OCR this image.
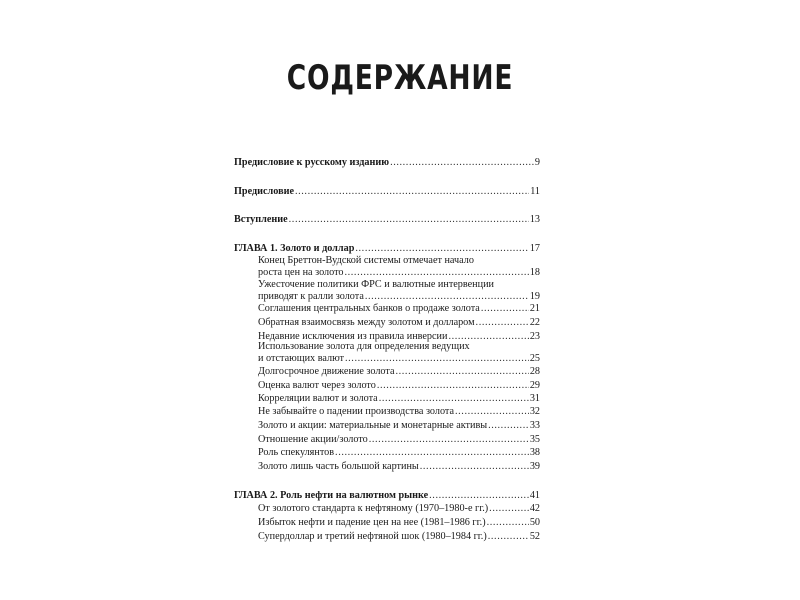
СОДЕРЖАНИЕ
Предисловие к русскому изданию .....	9
Предисловие .....	11
Вступление .....	13
ГЛАВА 1. Золото и доллар .....	17
Конец Бреттон-Вудской системы отмечает начало
роста цен на золото .....	18
Ужесточение политики ФРС и валютные интервенции
приводят к ралли золота .....	19
Соглашения центральных банков о продаже золота .....	21
Обратная взаимосвязь между золотом и долларом .....	22
Недавние исключения из правила инверсии .....	23
Использование золота для определения ведущих
и отстающих валют .....	25
Долгосрочное движение золота .....	28
Оценка валют через золото .....	29
Корреляции валют и золота .....	31
Не забывайте о падении производства золота .....	32
Золото и акции: материальные и монетарные активы .....	33
Отношение акции/золото .....	35
Роль спекулянтов .....	38
Золото лишь часть большой картины .....	39
ГЛАВА 2. Роль нефти на валютном рынке .....	41
От золотого стандарта к нефтяному (1970–1980-е гг.) .....	42
Избыток нефти и падение цен на нее (1981–1986 гг.) .....	50
Супердоллар и третий нефтяной шок (1980–1984 гг.) .....	52
